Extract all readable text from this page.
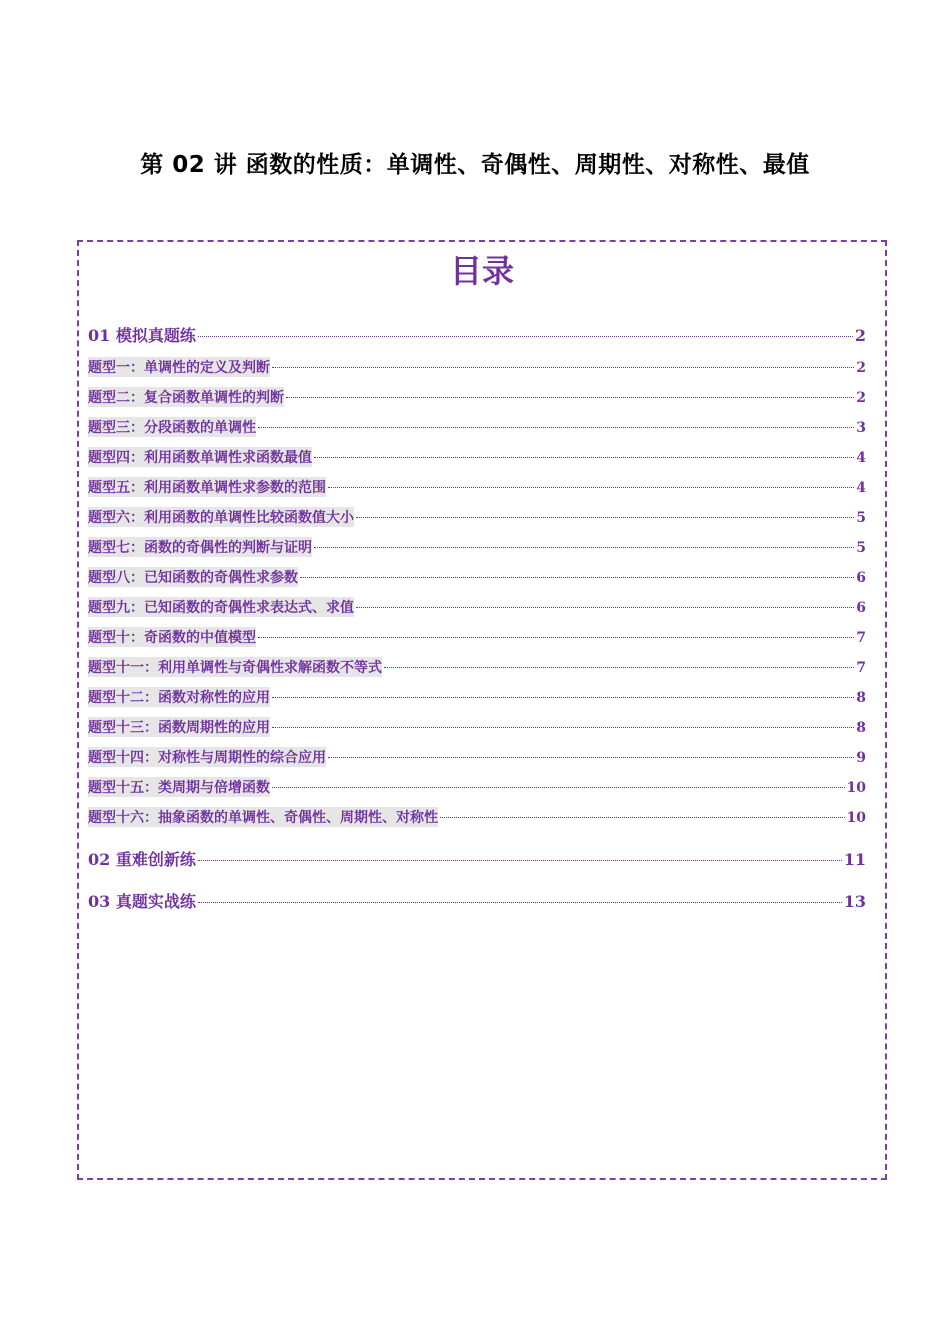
第 02 讲 函数的性质：单调性、奇偶性、周期性、对称性、最值
目录
01 模拟真题练	2
题型一：单调性的定义及判断	2
题型二：复合函数单调性的判断	2
题型三：分段函数的单调性	3
题型四：利用函数单调性求函数最值	4
题型五：利用函数单调性求参数的范围	4
题型六：利用函数的单调性比较函数值大小	5
题型七：函数的奇偶性的判断与证明	5
题型八：已知函数的奇偶性求参数	6
题型九：已知函数的奇偶性求表达式、求值	6
题型十：奇函数的中值模型	7
题型十一：利用单调性与奇偶性求解函数不等式	7
题型十二：函数对称性的应用	8
题型十三：函数周期性的应用	8
题型十四：对称性与周期性的综合应用	9
题型十五：类周期与倍增函数	10
题型十六：抽象函数的单调性、奇偶性、周期性、对称性	10
02 重难创新练	11
03 真题实战练	13
